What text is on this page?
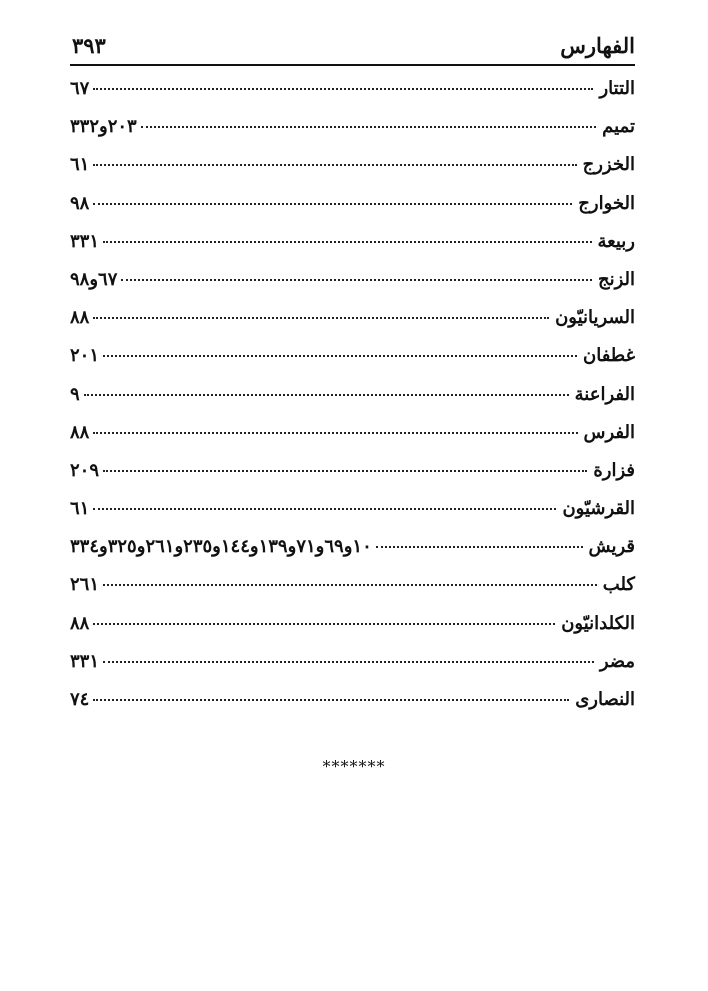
الفهارس
٣٩٣
التتار
٦٧
تميم
٢٠٣و٣٣٢
الخزرج
٦١
الخوارج
٩٨
ربيعة
٣٣١
الزنج
٦٧و٩٨
السريانيّون
٨٨
غطفان
٢٠١
الفراعنة
٩
الفرس
٨٨
فزارة
٢٠٩
القرشيّون
٦١
قريش
١٠و٦٩و٧١و١٣٩و١٤٤و٢٣٥و٢٦١و٣٢٥و٣٣٤
كلب
٢٦١
الكلدانيّون
٨٨
مضر
٣٣١
النصارى
٧٤
*******
